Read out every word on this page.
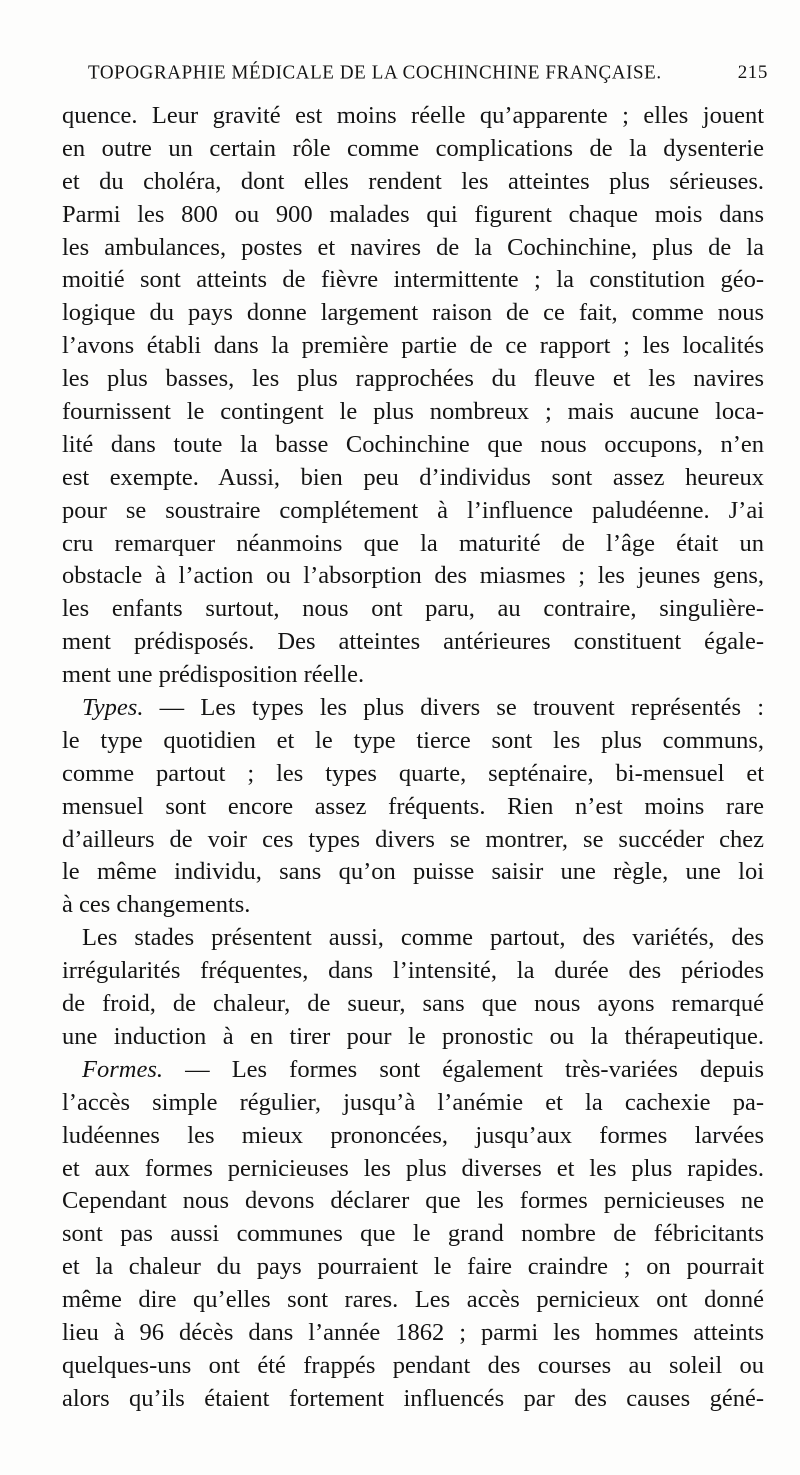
TOPOGRAPHIE MÉDICALE DE LA COCHINCHINE FRANÇAISE.	215
quence. Leur gravité est moins réelle qu’apparente ; elles jouent
en outre un certain rôle comme complications de la dysenterie
et du choléra, dont elles rendent les atteintes plus sérieuses.
Parmi les 800 ou 900 malades qui figurent chaque mois dans
les ambulances, postes et navires de la Cochinchine, plus de la
moitié sont atteints de fièvre intermittente ; la constitution géo-
logique du pays donne largement raison de ce fait, comme nous
l’avons établi dans la première partie de ce rapport ; les localités
les plus basses, les plus rapprochées du fleuve et les navires
fournissent le contingent le plus nombreux ; mais aucune loca-
lité dans toute la basse Cochinchine que nous occupons, n’en
est exempte. Aussi, bien peu d’individus sont assez heureux
pour se soustraire complétement à l’influence paludéenne. J’ai
cru remarquer néanmoins que la maturité de l’âge était un
obstacle à l’action ou l’absorption des miasmes ; les jeunes gens,
les enfants surtout, nous ont paru, au contraire, singulière-
ment prédisposés. Des atteintes antérieures constituent égale-
ment une prédisposition réelle.
Types. — Les types les plus divers se trouvent représentés :
le type quotidien et le type tierce sont les plus communs,
comme partout ; les types quarte, septénaire, bi-mensuel et
mensuel sont encore assez fréquents. Rien n’est moins rare
d’ailleurs de voir ces types divers se montrer, se succéder chez
le même individu, sans qu’on puisse saisir une règle, une loi
à ces changements.
Les stades présentent aussi, comme partout, des variétés, des
irrégularités fréquentes, dans l’intensité, la durée des périodes
de froid, de chaleur, de sueur, sans que nous ayons remarqué
une induction à en tirer pour le pronostic ou la thérapeutique.
Formes. — Les formes sont également très-variées depuis
l’accès simple régulier, jusqu’à l’anémie et la cachexie pa-
ludéennes les mieux prononcées, jusqu’aux formes larvées
et aux formes pernicieuses les plus diverses et les plus rapides.
Cependant nous devons déclarer que les formes pernicieuses ne
sont pas aussi communes que le grand nombre de fébricitants
et la chaleur du pays pourraient le faire craindre ; on pourrait
même dire qu’elles sont rares. Les accès pernicieux ont donné
lieu à 96 décès dans l’année 1862 ; parmi les hommes atteints
quelques-uns ont été frappés pendant des courses au soleil ou
alors qu’ils étaient fortement influencés par des causes géné-
